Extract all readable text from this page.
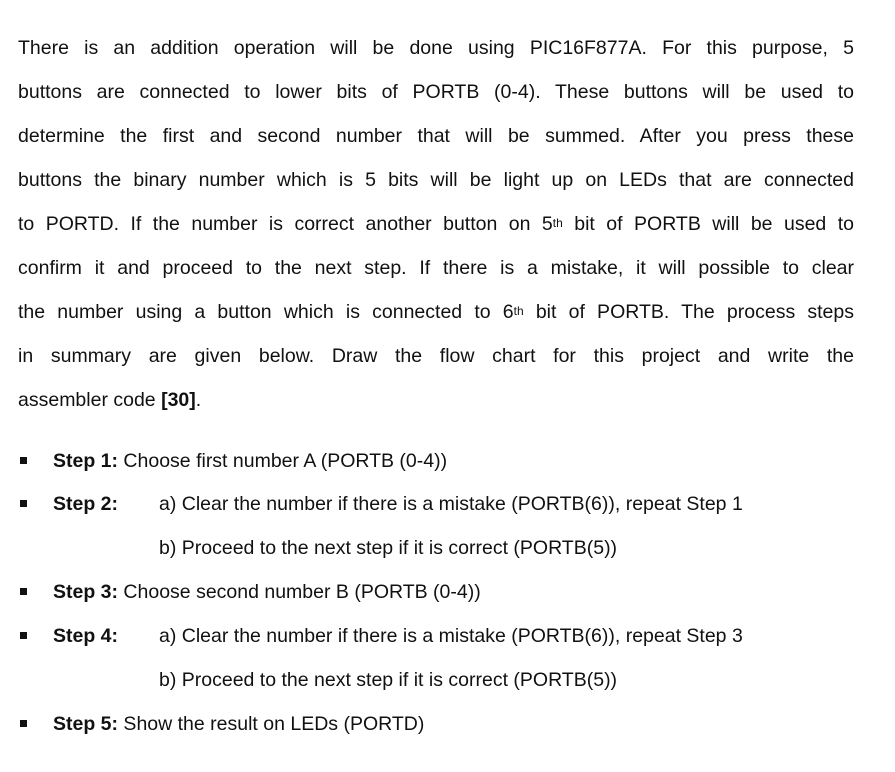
There is an addition operation will be done using PIC16F877A. For this purpose, 5
buttons are connected to lower bits of PORTB (0-4). These buttons will be used to
determine the first and second number that will be summed. After you press these
buttons the binary number which is 5 bits will be light up on LEDs that are connected
to PORTD. If the number is correct another button on 5th bit of PORTB will be used to
confirm it and proceed to the next step. If there is a mistake, it will possible to clear
the number using a button which is connected to 6th bit of PORTB. The process steps
in summary are given below. Draw the flow chart for this project and write the
assembler code [30].
Step 1: Choose first number A (PORTB (0-4))
Step 2: a) Clear the number if there is a mistake (PORTB(6)), repeat Step 1
b) Proceed to the next step if it is correct (PORTB(5))
Step 3: Choose second number B (PORTB (0-4))
Step 4: a) Clear the number if there is a mistake (PORTB(6)), repeat Step 3
b) Proceed to the next step if it is correct (PORTB(5))
Step 5: Show the result on LEDs (PORTD)
